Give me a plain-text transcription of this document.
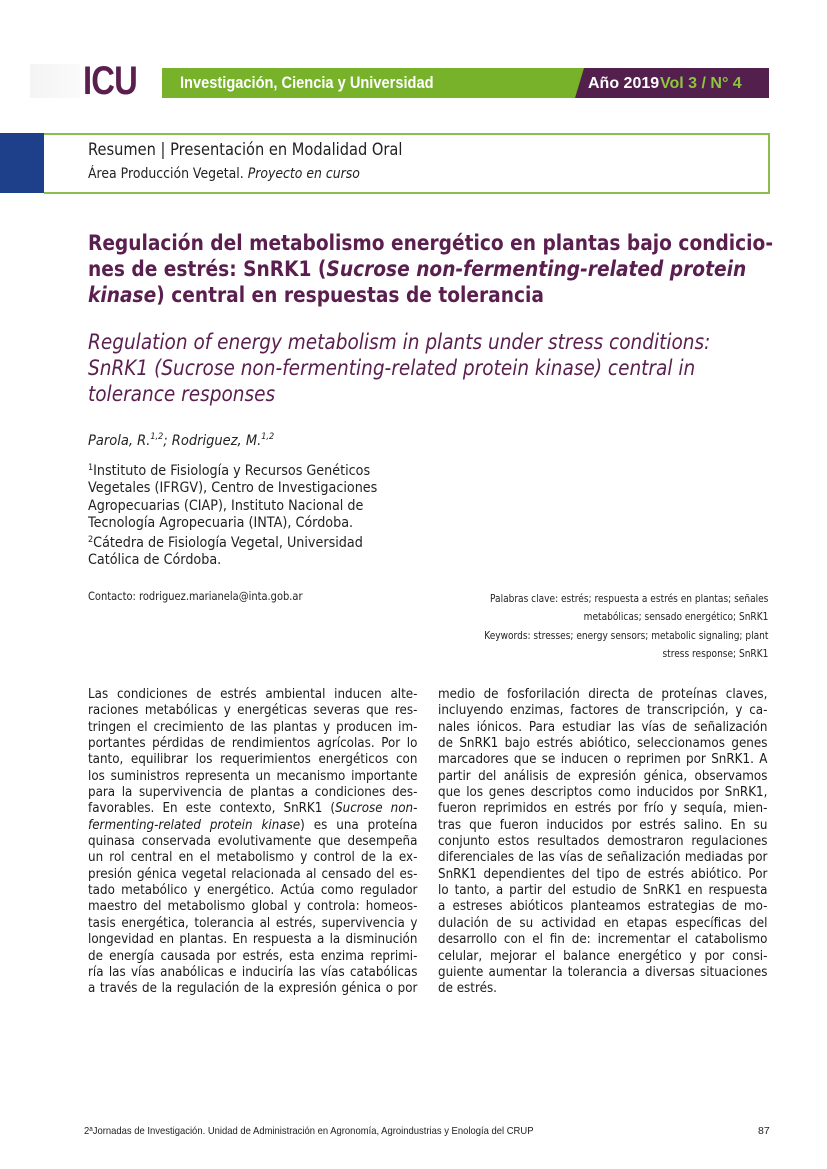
ICU	Investigación, Ciencia y Universidad	Año 2019 Vol 3 / N° 4
Resumen | Presentación en Modalidad Oral
Área Producción Vegetal. Proyecto en curso
Regulación del metabolismo energético en plantas bajo condicio-
nes de estrés: SnRK1 (Sucrose non-fermenting-related protein
kinase) central en respuestas de tolerancia
Regulation of energy metabolism in plants under stress conditions:
SnRK1 (Sucrose non-fermenting-related protein kinase) central in
tolerance responses
Parola, R.$^{1,2}$; Rodriguez, M.$^{1,2}$
$^1$Instituto de Fisiología y Recursos Genéticos
Vegetales (IFRGV), Centro de Investigaciones
Agropecuarias (CIAP), Instituto Nacional de
Tecnología Agropecuaria (INTA), Córdoba.
$^2$Cátedra de Fisiología Vegetal, Universidad
Católica de Córdoba.
Contacto: rodriguez.marianela@inta.gob.ar	Palabras clave: estrés; respuesta a estrés en plantas; señales
metabólicas; sensado energético; SnRK1
Keywords: stresses; energy sensors; metabolic signaling; plant
stress response; SnRK1
Las condiciones de estrés ambiental inducen alte-
raciones metabólicas y energéticas severas que res-
tringen el crecimiento de las plantas y producen im-
portantes pérdidas de rendimientos agrícolas. Por lo
tanto, equilibrar los requerimientos energéticos con
los suministros representa un mecanismo importante
para la supervivencia de plantas a condiciones des-
favorables. En este contexto, SnRK1 (Sucrose non-
fermenting-related protein kinase) es una proteína
quinasa conservada evolutivamente que desempeña
un rol central en el metabolismo y control de la ex-
presión génica vegetal relacionada al censado del es-
tado metabólico y energético. Actúa como regulador
maestro del metabolismo global y controla: homeos-
tasis energética, tolerancia al estrés, supervivencia y
longevidad en plantas. En respuesta a la disminución
de energía causada por estrés, esta enzima reprimi-
ría las vías anabólicas e induciría las vías catabólicas
a través de la regulación de la expresión génica o por
medio de fosforilación directa de proteínas claves,
incluyendo enzimas, factores de transcripción, y ca-
nales iónicos. Para estudiar las vías de señalización
de SnRK1 bajo estrés abiótico, seleccionamos genes
marcadores que se inducen o reprimen por SnRK1. A
partir del análisis de expresión génica, observamos
que los genes descriptos como inducidos por SnRK1,
fueron reprimidos en estrés por frío y sequía, mien-
tras que fueron inducidos por estrés salino. En su
conjunto estos resultados demostraron regulaciones
diferenciales de las vías de señalización mediadas por
SnRK1 dependientes del tipo de estrés abiótico. Por
lo tanto, a partir del estudio de SnRK1 en respuesta
a estreses abióticos planteamos estrategias de mo-
dulación de su actividad en etapas específicas del
desarrollo con el fin de: incrementar el catabolismo
celular, mejorar el balance energético y por consi-
guiente aumentar la tolerancia a diversas situaciones
de estrés.
2$^a$Jornadas de Investigación. Unidad de Administración en Agronomía, Agroindustrias y Enología del CRUP	87
